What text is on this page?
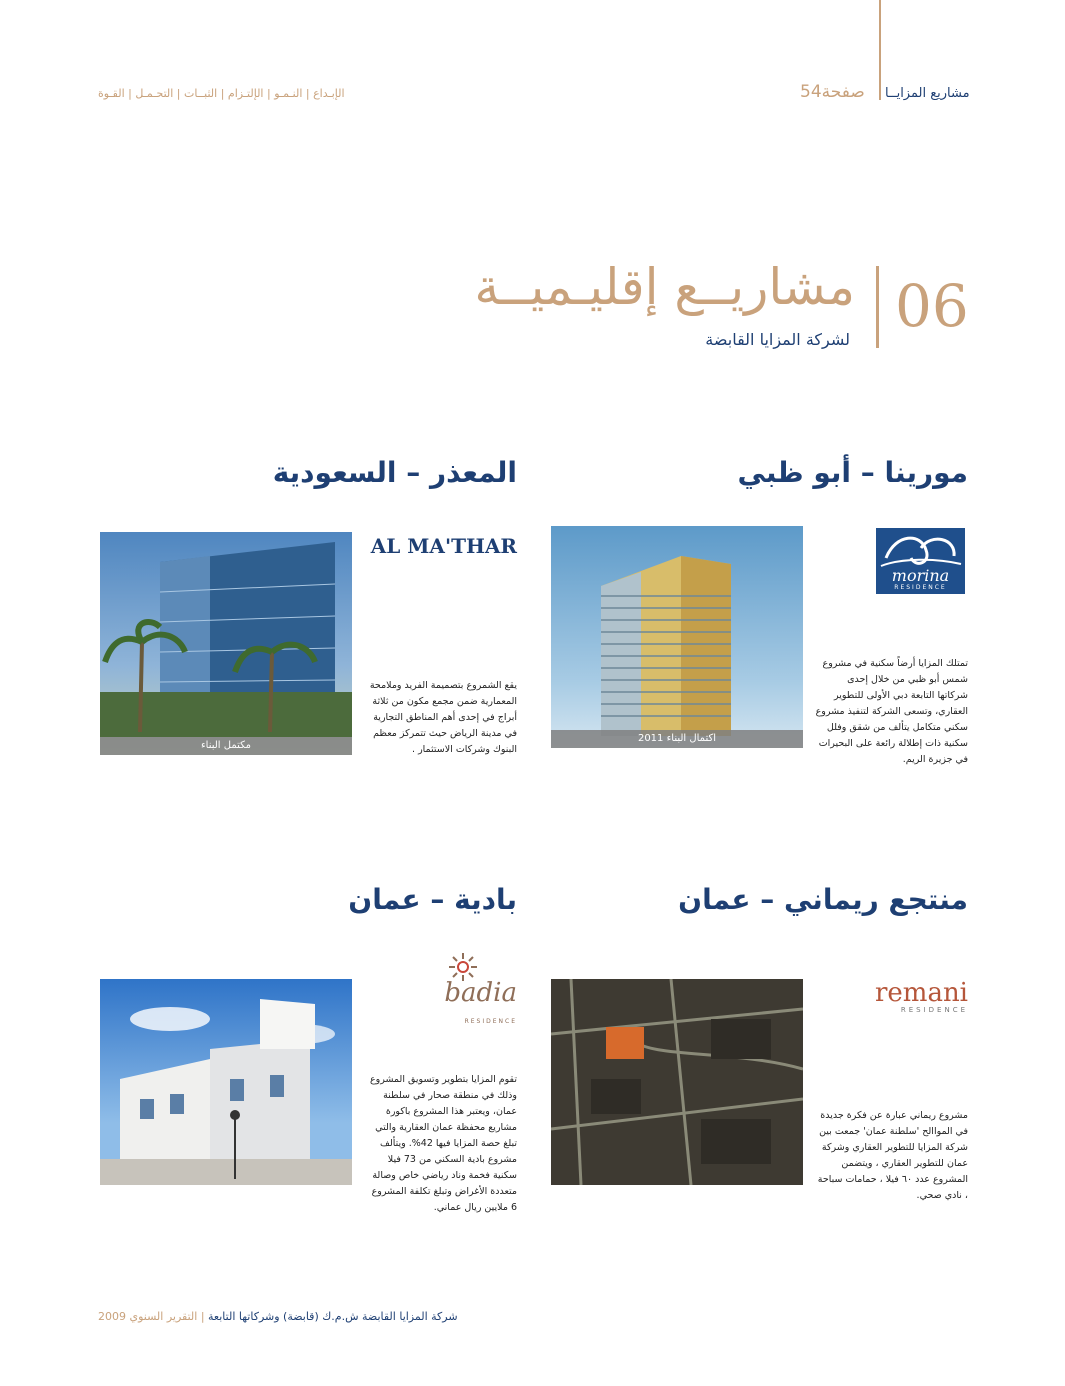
مشاريع المزايــا
صفحة54
الإبـداع | النـمـو | الإلتـزام | الثبــات | التحـمـل | القـوة
06
مشاريــع إقليـميــة
لشركة المزايا القابضة
مورينا – أبو ظبي
morina
RESIDENCE
اكتمال البناء 2011
تمتلك المزايا أرضاً سكنية في مشروع شمس أبو ظبي من خلال إحدى شركاتها التابعة دبي الأولى للتطوير العقاري، وتسعى الشركة لتنفيذ مشروع سكني متكامل يتألف من شقق وفلل سكنية ذات إطلالة رائعة على البحيرات في جزيرة الريم.
المعذر – السعودية
AL MA'THAR
مكتمل البناء
يقع الشمروع بتصميمة الفريد وملامحة المعمارية ضمن مجمع مكون من ثلاثة أبراج في إحدى أهم المناطق التجارية في مدينة الرياض حيث تتمركز معظم البنوك وشركات الاستثمار .
منتجع ريماني – عمان
remani
RESIDENCE
مشروع ريماني عبارة عن فكرة جديدة في المواالح 'سلطنة عمان' جمعت بين شركة المزايا للتطوير العقاري وشركة عمان للتطوير العقاري ، ويتضمن المشروع عدد ٦٠ فيلا ، حمامات سباحة ، نادي صحي.
بادية – عمان
badia
RESIDENCE
تقوم المزايا بتطوير وتسويق المشروع وذلك في منطقة صحار في سلطنة عمان، ويعتبر هذا المشروع باكورة مشاريع محفظة عمان العقارية والتي تبلغ حصة المزايا فيها 42%. ويتألف مشروع بادية السكني من 73 فيلا سكنية فخمة وناد رياضي خاص وصالة متعددة الأغراض وتبلغ تكلفة المشروع 6 ملايين ريال عماني.
شركة المزايا القابضة ش.م.ك (قابضة) وشركاتها التابعة | التقرير السنوي 2009
